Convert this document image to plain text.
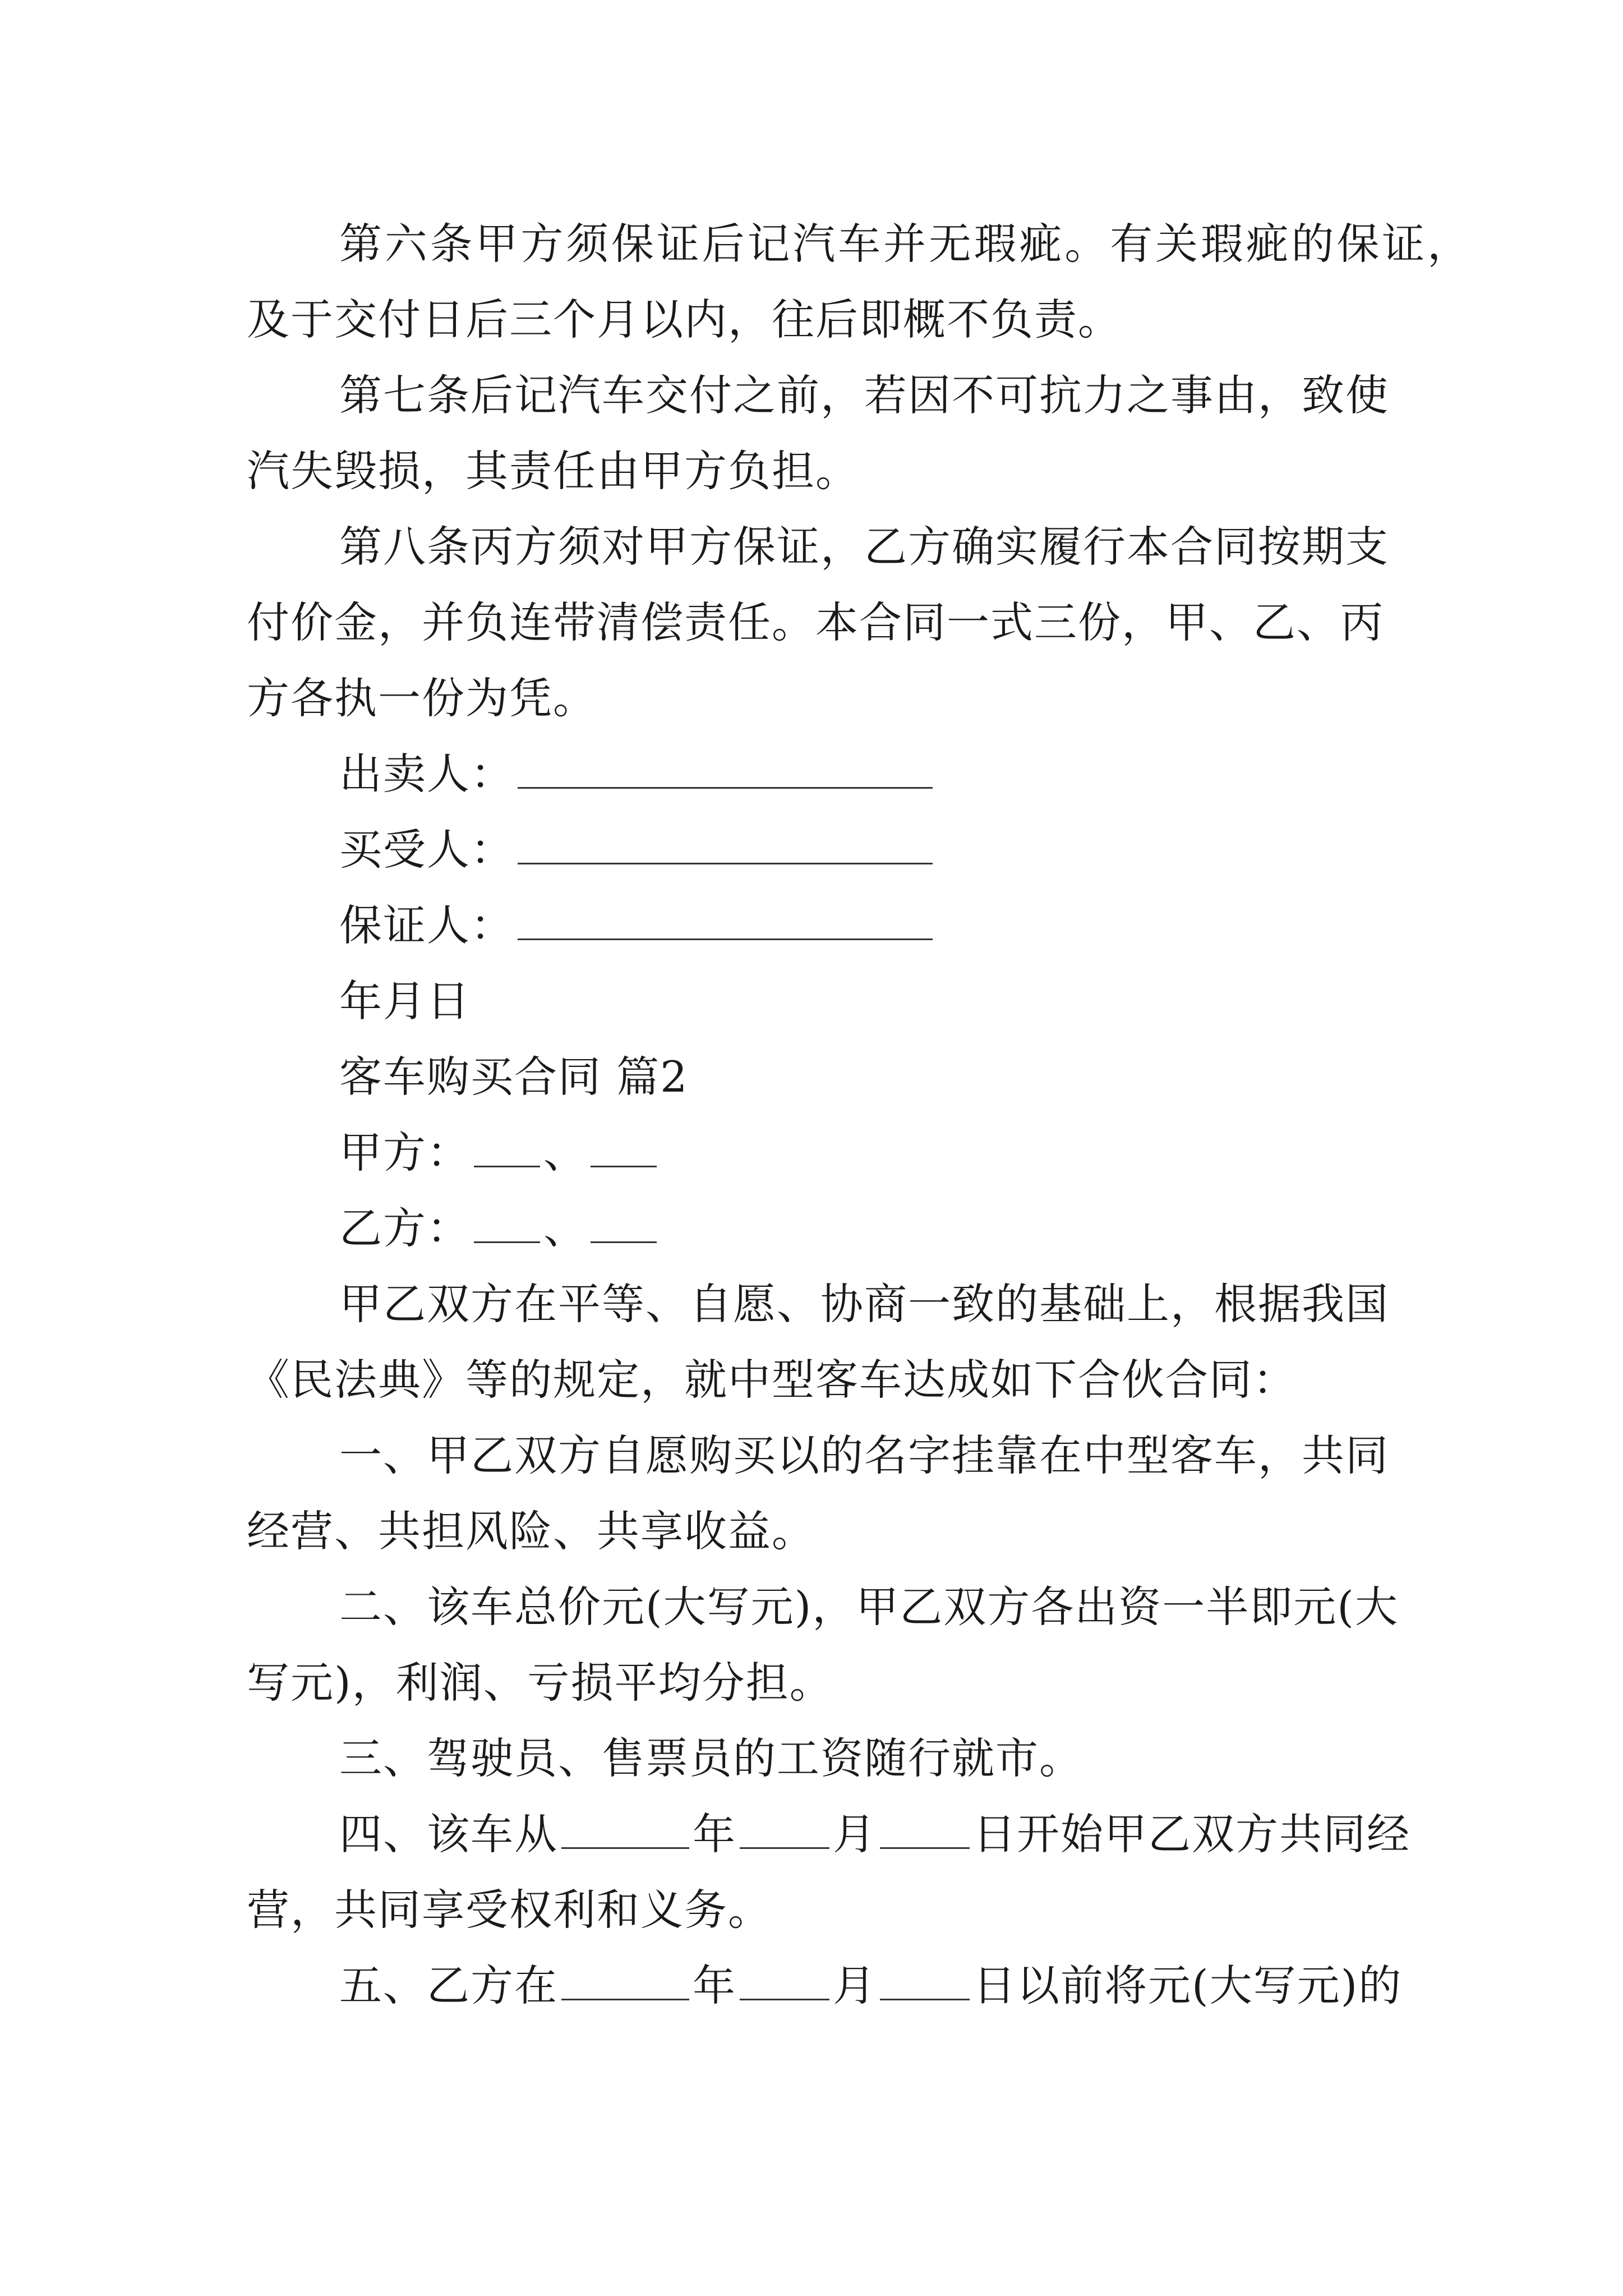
第六条甲方须保证后记汽车并无瑕疵。有关瑕疵的保证，
及于交付日后三个月以内，往后即概不负责。
第七条后记汽车交付之前，若因不可抗力之事由，致使
汽失毁损，其责任由甲方负担。
第八条丙方须对甲方保证，乙方确实履行本合同按期支
付价金，并负连带清偿责任。本合同一式三份，甲、乙、丙
方各执一份为凭。
出卖人：
买受人：
保证人：
年月日
客车购买合同 篇2
甲方： 、
乙方： 、
甲乙双方在平等、自愿、协商一致的基础上，根据我国
《民法典》等的规定，就中型客车达成如下合伙合同：
一、甲乙双方自愿购买以的名字挂靠在中型客车，共同
经营、共担风险、共享收益。
二、该车总价元(大写元)，甲乙双方各出资一半即元(大
写元)，利润、亏损平均分担。
三、驾驶员、售票员的工资随行就市。
四、该车从	年 月 日开始甲乙双方共同经
营，共同享受权利和义务。
五、乙方在	年 月 日以前将元(大写元)的
